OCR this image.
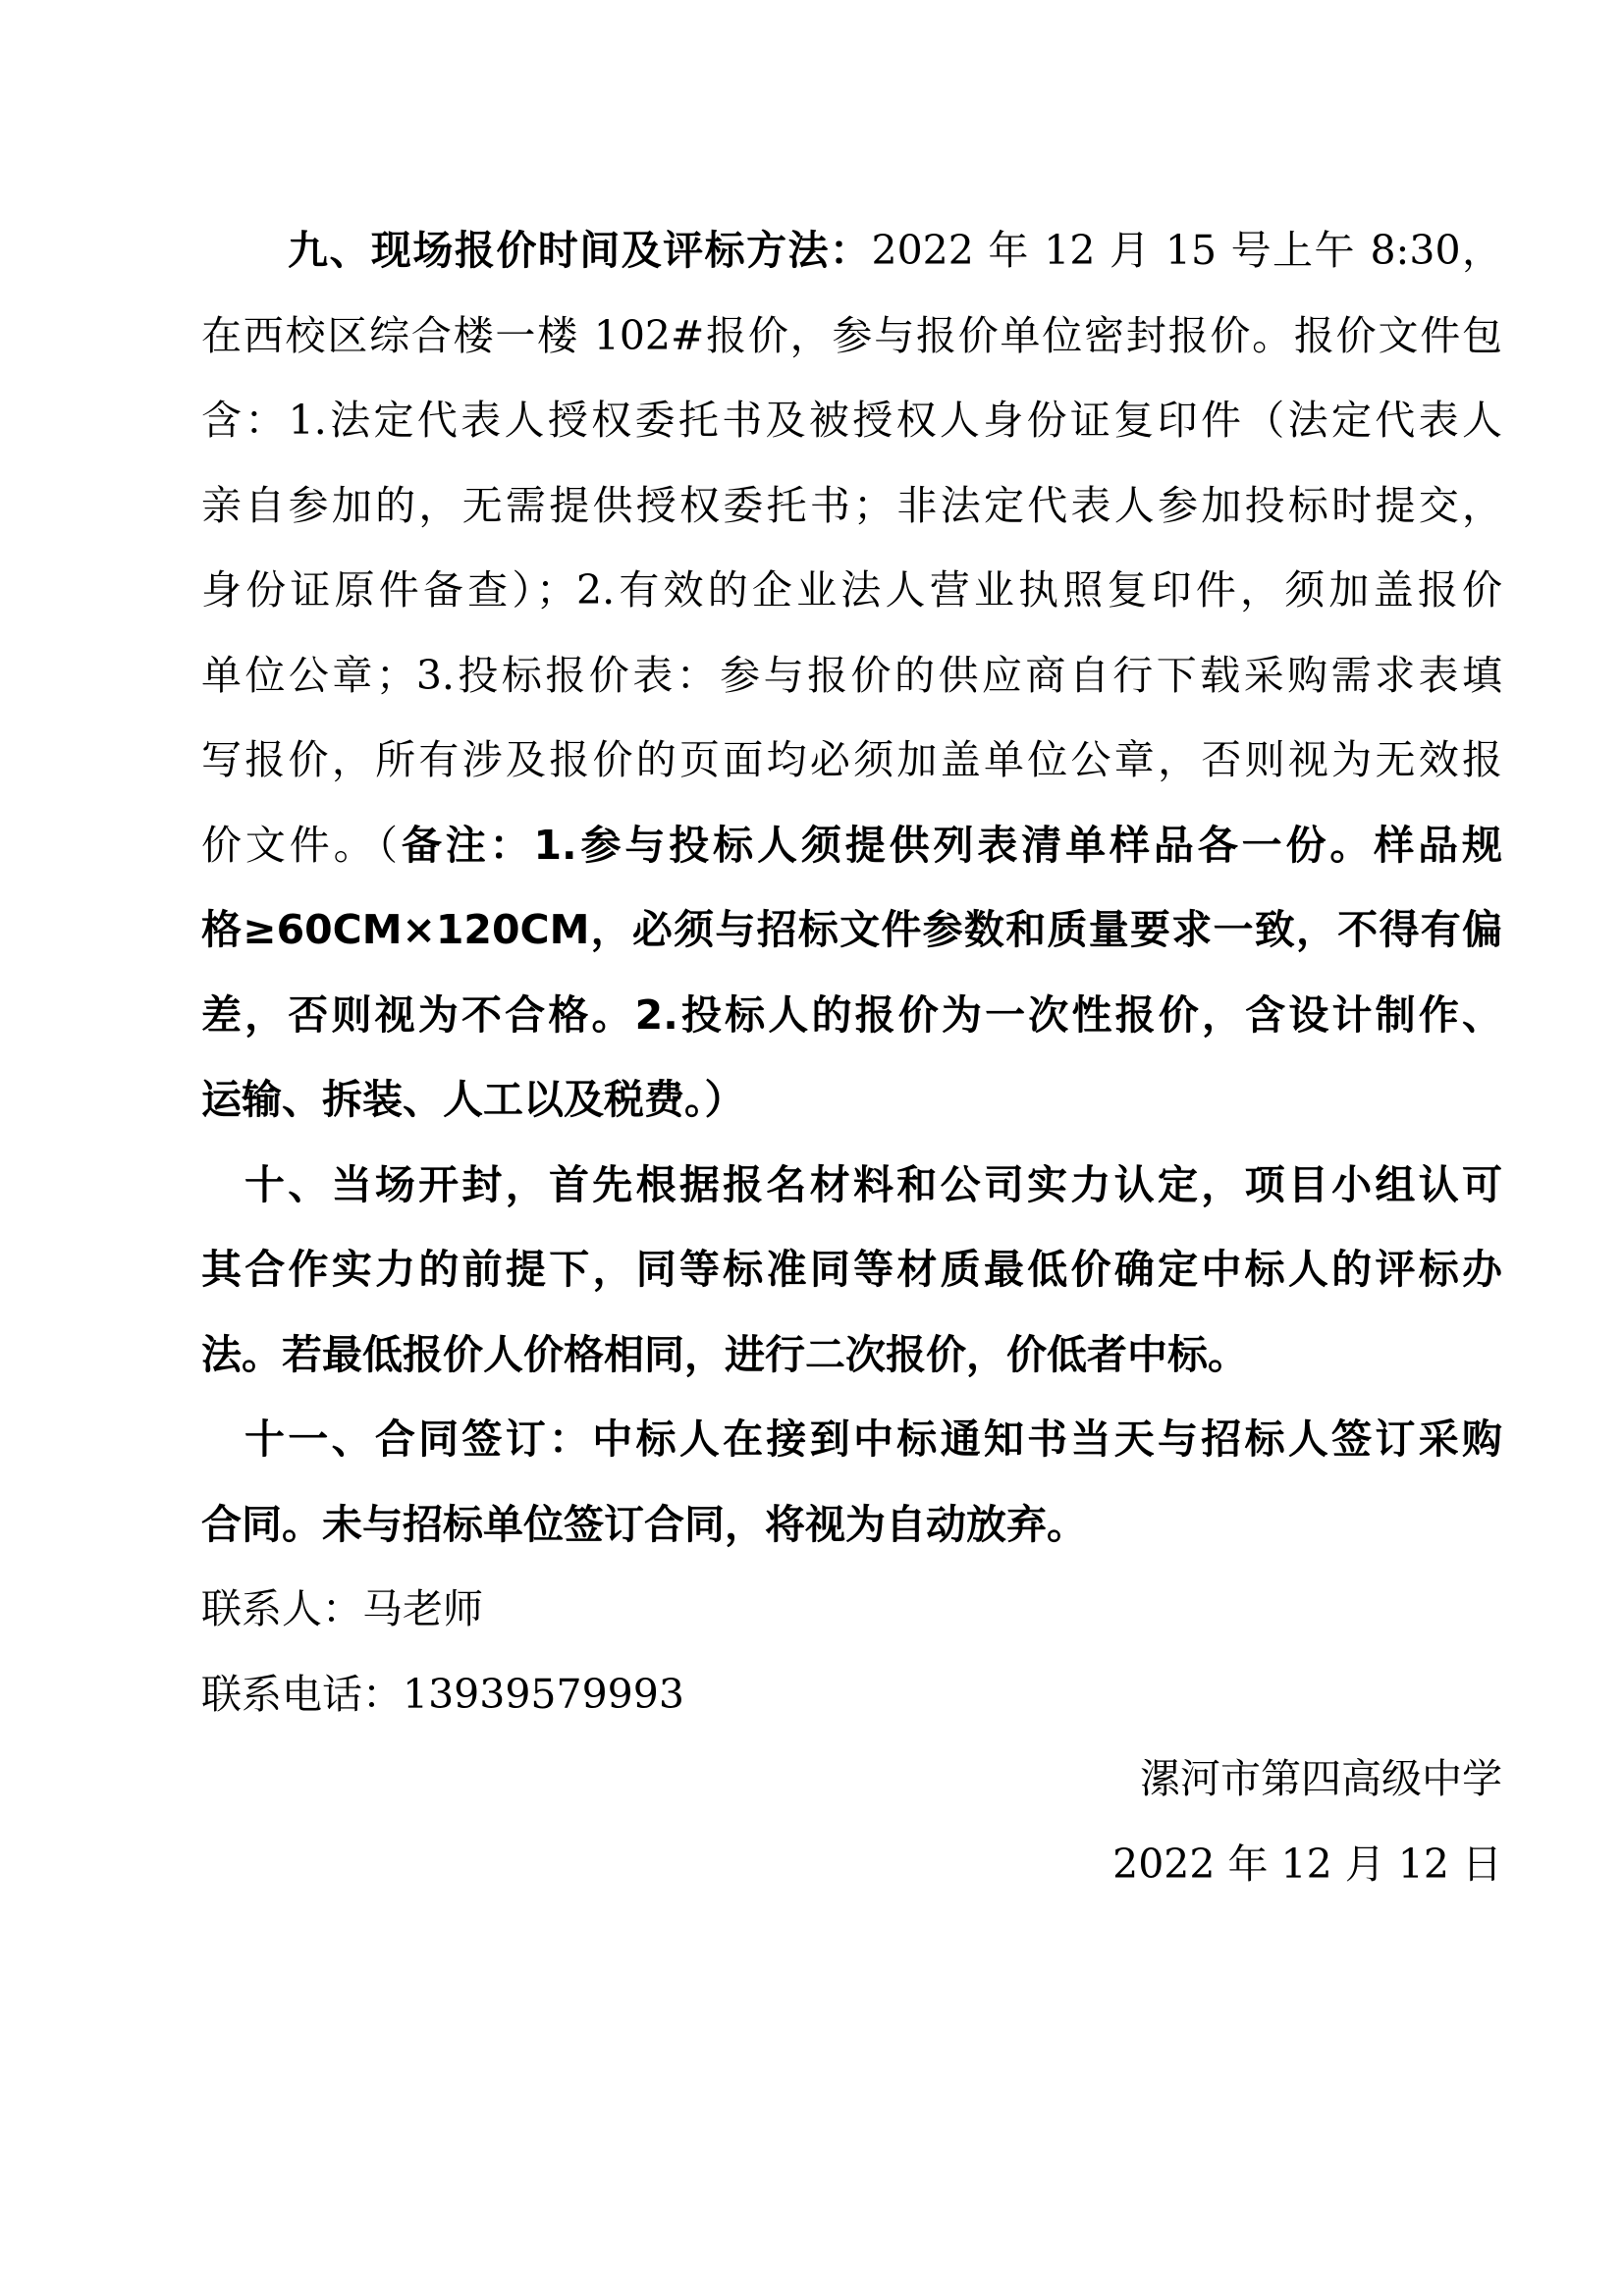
九、现场报价时间及评标方法：2022 年 12 月 15 号上午 8:30，
在西校区综合楼一楼 102#报价，参与报价单位密封报价。报价文件包
含：1.法定代表人授权委托书及被授权人身份证复印件（法定代表人
亲自参加的，无需提供授权委托书；非法定代表人参加投标时提交，
身份证原件备查）；2.有效的企业法人营业执照复印件，须加盖报价
单位公章；3.投标报价表：参与报价的供应商自行下载采购需求表填
写报价，所有涉及报价的页面均必须加盖单位公章，否则视为无效报
价文件。（备注：1.参与投标人须提供列表清单样品各一份。样品规
格≥60CM×120CM，必须与招标文件参数和质量要求一致，不得有偏
差，否则视为不合格。2.投标人的报价为一次性报价，含设计制作、
运输、拆装、人工以及税费。）
十、当场开封，首先根据报名材料和公司实力认定，项目小组认可
其合作实力的前提下，同等标准同等材质最低价确定中标人的评标办
法。若最低报价人价格相同，进行二次报价，价低者中标。
十一、合同签订：中标人在接到中标通知书当天与招标人签订采购
合同。未与招标单位签订合同，将视为自动放弃。
联系人：马老师
联系电话：13939579993
漯河市第四高级中学
2022 年 12 月 12 日
